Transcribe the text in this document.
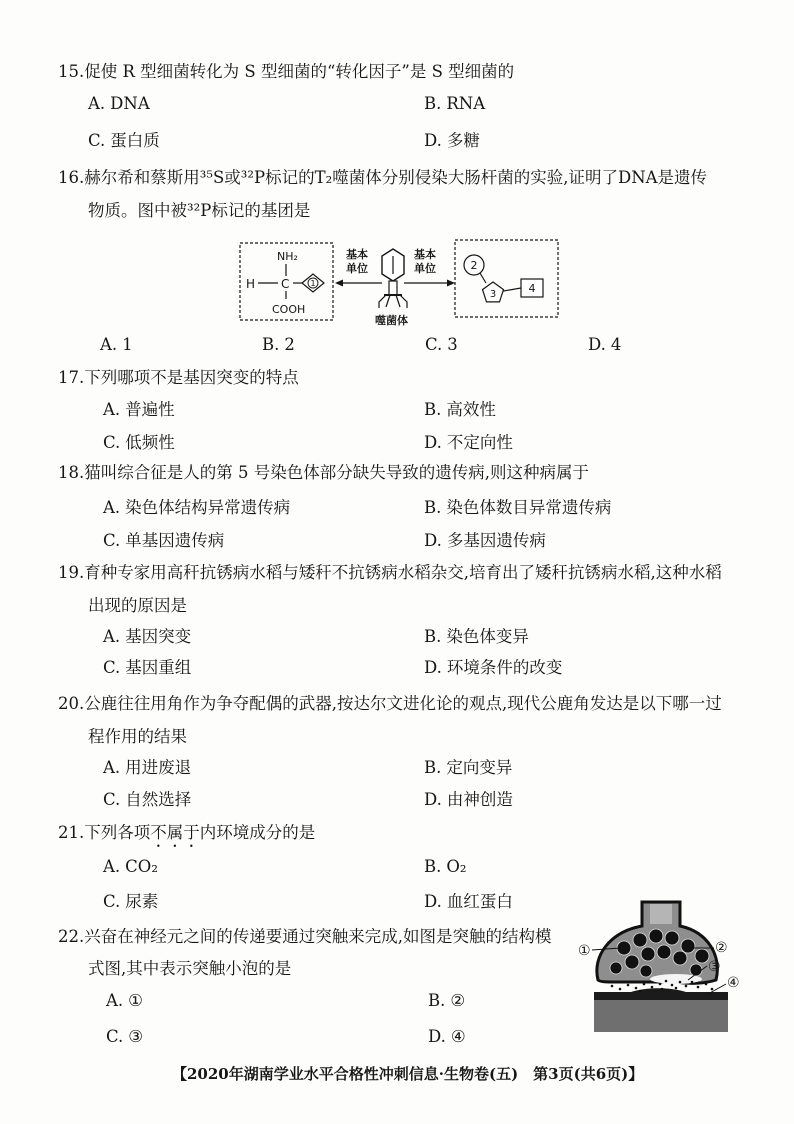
15.促使 R 型细菌转化为 S 型细菌的“转化因子”是 S 型细菌的
A. DNA	B. RNA
C. 蛋白质	D. 多糖
16.赫尔希和蔡斯用³⁵S或³²P标记的T₂噬菌体分别侵染大肠杆菌的实验,证明了DNA是遗传
物质。图中被³²P标记的基团是
NH₂
H C	1
COOH
基本
单位
基本
单位
噬菌体
2
3	4
A. 1	B. 2	C. 3	D. 4
17.下列哪项不是基因突变的特点
A. 普遍性	B. 高效性
C. 低频性	D. 不定向性
18.猫叫综合征是人的第 5 号染色体部分缺失导致的遗传病,则这种病属于
A. 染色体结构异常遗传病	B. 染色体数目异常遗传病
C. 单基因遗传病	D. 多基因遗传病
19.育种专家用高秆抗锈病水稻与矮秆不抗锈病水稻杂交,培育出了矮秆抗锈病水稻,这种水稻
出现的原因是
A. 基因突变	B. 染色体变异
C. 基因重组	D. 环境条件的改变
20.公鹿往往用角作为争夺配偶的武器,按达尔文进化论的观点,现代公鹿角发达是以下哪一过
程作用的结果
A. 用进废退	B. 定向变异
C. 自然选择	D. 由神创造
21.下列各项不属于内环境成分的是
A. CO₂	B. O₂
C. 尿素	D. 血红蛋白
22.兴奋在神经元之间的传递要通过突触来完成,如图是突触的结构模
式图,其中表示突触小泡的是
A. ①	B. ②
C. ③	D. ④
①	②
③
④
【2020年湖南学业水平合格性冲刺信息·生物卷(五)　第3页(共6页)】
